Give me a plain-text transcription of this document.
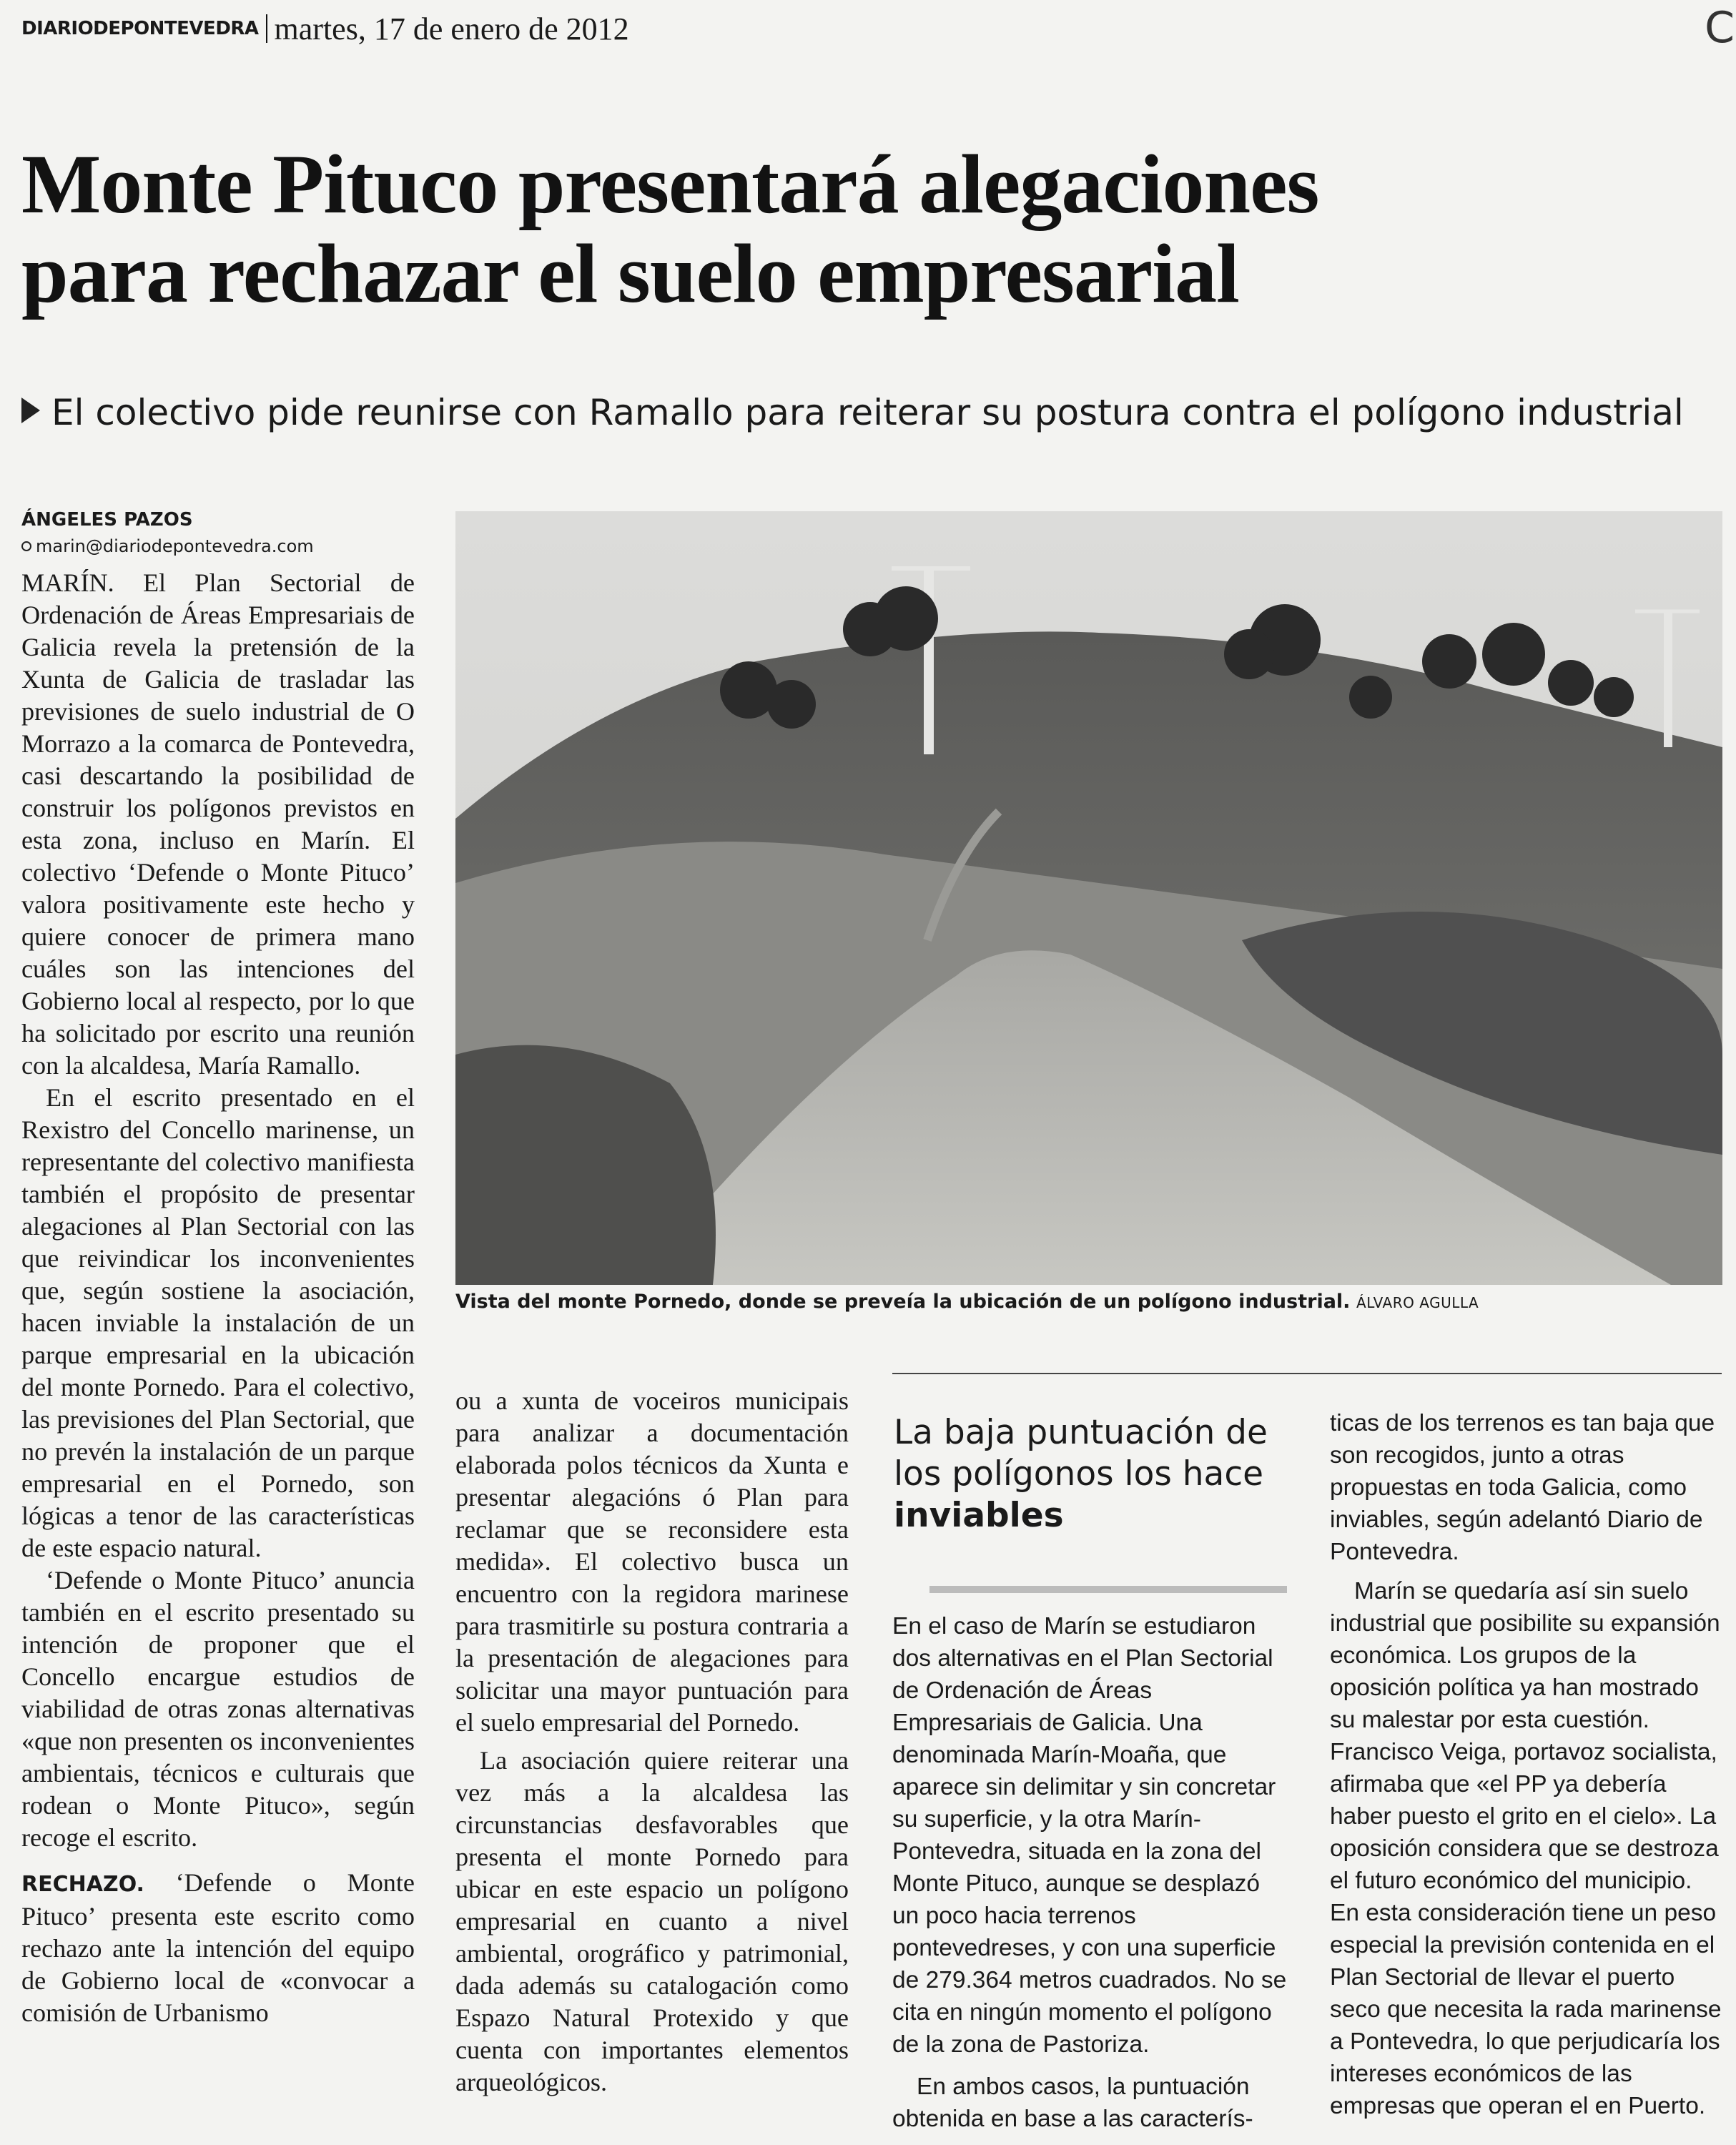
DIARIODEPONTEVEDRA martes, 17 de enero de 2012	C
Monte Pituco presentará alegaciones
para rechazar el suelo empresarial
El colectivo pide reunirse con Ramallo para reiterar su postura contra el polígono industrial
ÁNGELES PAZOS
marin@diariodepontevedra.com

MARÍN. El Plan Sectorial de Ordenación de Áreas Empresariais de Galicia revela la pretensión de la Xunta de Galicia de trasladar las previsiones de suelo industrial de O Morrazo a la comarca de Pontevedra, casi descartando la posibilidad de construir los polígonos previstos en esta zona, incluso en Marín. El colectivo ‘Defende o Monte Pituco’ valora positivamente este hecho y quiere conocer de primera mano cuáles son las intenciones del Gobierno local al respecto, por lo que ha solicitado por escrito una reunión con la alcaldesa, María Ramallo.

En el escrito presentado en el Rexistro del Concello marinense, un representante del colectivo manifiesta también el propósito de presentar alegaciones al Plan Sectorial con las que reivindicar los inconvenientes que, según sostiene la asociación, hacen inviable la instalación de un parque empresarial en la ubicación del monte Pornedo. Para el colectivo, las previsiones del Plan Sectorial, que no prevén la instalación de un parque empresarial en el Pornedo, son lógicas a tenor de las características de este espacio natural.

‘Defende o Monte Pituco’ anuncia también en el escrito presentado su intención de proponer que el Concello encargue estudios de viabilidad de otras zonas alternativas «que non presenten os inconvenientes ambientais, técnicos e culturais que rodean o Monte Pituco», según recoge el escrito.

RECHAZO. ‘Defende o Monte Pituco’ presenta este escrito como rechazo ante la intención del equipo de Gobierno local de «convocar a comisión de Urbanismo

Vista del monte Pornedo, donde se preveía la ubicación de un polígono industrial. ÁLVARO AGULLA

ou a xunta de voceiros municipais para analizar a documentación elaborada polos técnicos da Xunta e presentar alegacións ó Plan para reclamar que se reconsidere esta medida». El colectivo busca un encuentro con la regidora marinese para trasmitirle su postura contraria a la presentación de alegaciones para solicitar una mayor puntuación para el suelo empresarial del Pornedo.

La asociación quiere reiterar una vez más a la alcaldesa las circunstancias desfavorables que presenta el monte Pornedo para ubicar en este espacio un polígono empresarial en cuanto a nivel ambiental, orográfico y patrimonial, dada además su catalogación como Espazo Natural Protexido y que cuenta con importantes elementos arqueológicos.

La baja puntuación de
los polígonos los hace
inviables

En el caso de Marín se estudiaron dos alternativas en el Plan Sectorial de Ordenación de Áreas Empresariais de Galicia. Una denominada Marín-Moaña, que aparece sin delimitar y sin concretar su superficie, y la otra Marín-Pontevedra, situada en la zona del Monte Pituco, aunque se desplazó un poco hacia terrenos pontevedreses, y con una superficie de 279.364 metros cuadrados. No se cita en ningún momento el polígono de la zona de Pastoriza.

En ambos casos, la puntuación obtenida en base a las caracterís-

ticas de los terrenos es tan baja que son recogidos, junto a otras propuestas en toda Galicia, como inviables, según adelantó Diario de Pontevedra.

Marín se quedaría así sin suelo industrial que posibilite su expansión económica. Los grupos de la oposición política ya han mostrado su malestar por esta cuestión. Francisco Veiga, portavoz socialista, afirmaba que «el PP ya debería haber puesto el grito en el cielo». La oposición considera que se destroza el futuro económico del municipio. En esta consideración tiene un peso especial la previsión contenida en el Plan Sectorial de llevar el puerto seco que necesita la rada marinense a Pontevedra, lo que perjudicaría los intereses económicos de las empresas que operan el en Puerto.
